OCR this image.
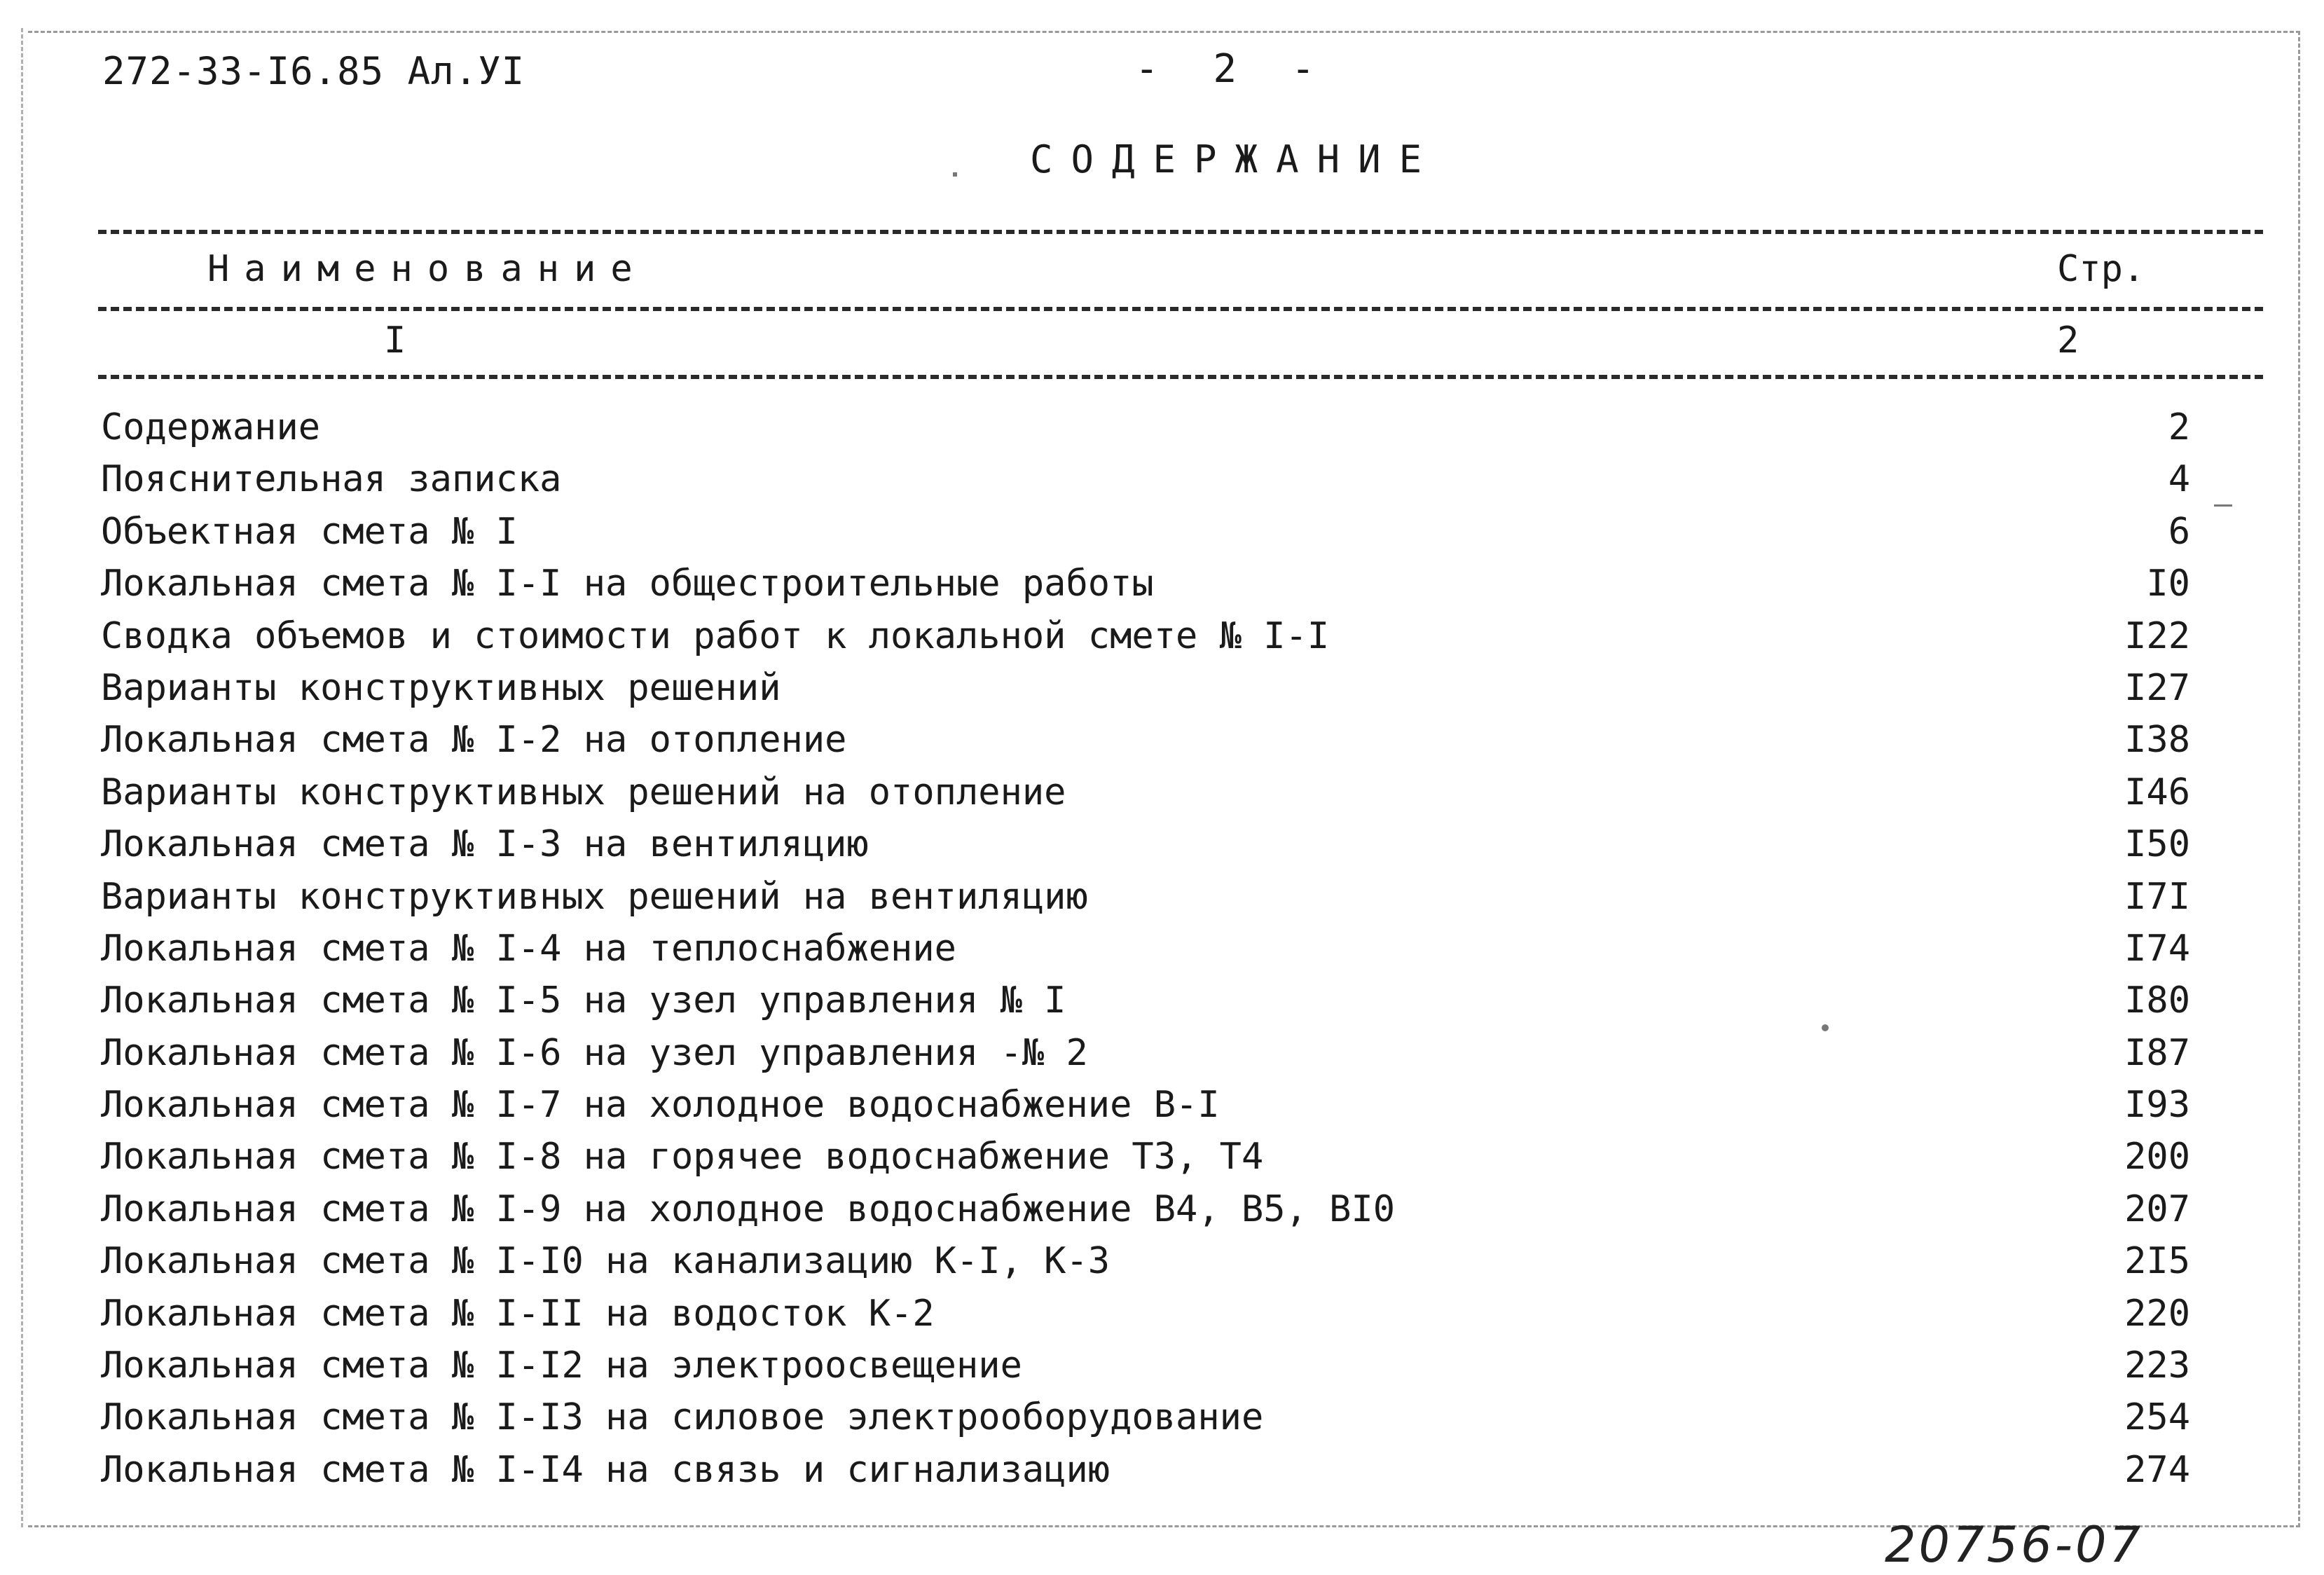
272-33-I6.85 Ал.УI	- 2 -
СОДЕРЖАНИЕ
Наименование	Стр.
I	2
Содержание	2
Пояснительная записка	4
Объектная смета № I	6
Локальная смета № I-I на общестроительные работы	I0
Сводка объемов и стоимости работ к локальной смете № I-I	I22
Варианты конструктивных решений	I27
Локальная смета № I-2 на отопление	I38
Варианты конструктивных решений на отопление	I46
Локальная смета № I-3 на вентиляцию	I50
Варианты конструктивных решений на вентиляцию	I7I
Локальная смета № I-4 на теплоснабжение	I74
Локальная смета № I-5 на узел управления № I	I80
Локальная смета № I-6 на узел управления -№ 2	I87
Локальная смета № I-7 на холодное водоснабжение В-I	I93
Локальная смета № I-8 на горячее водоснабжение Т3, Т4	200
Локальная смета № I-9 на холодное водоснабжение В4, В5, ВI0	207
Локальная смета № I-I0 на канализацию К-I, К-3	2I5
Локальная смета № I-II на водосток К-2	220
Локальная смета № I-I2 на электроосвещение	223
Локальная смета № I-I3 на силовое электрооборудование	254
Локальная смета № I-I4 на связь и сигнализацию	274
20756-07
